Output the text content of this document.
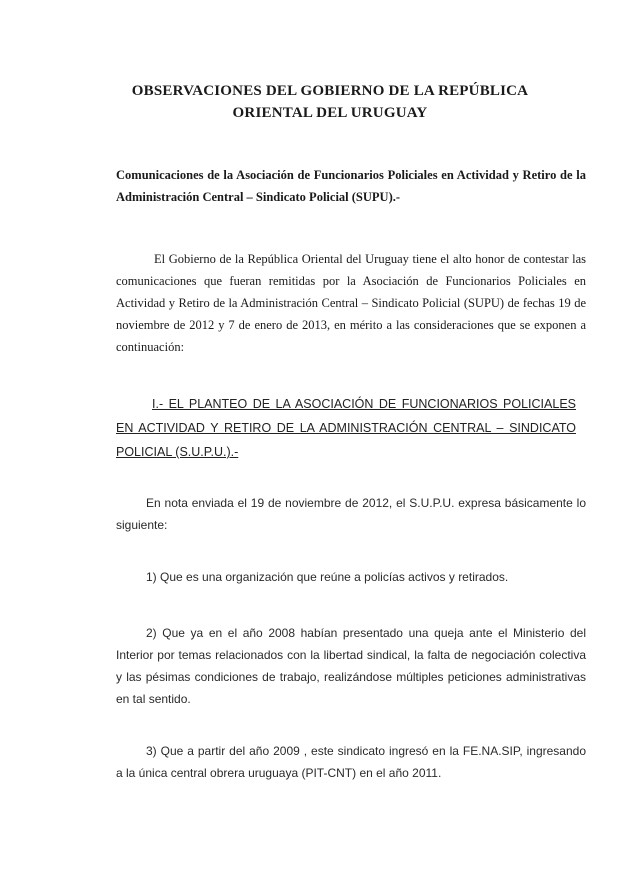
OBSERVACIONES DEL GOBIERNO DE LA REPÚBLICA
ORIENTAL DEL URUGUAY
Comunicaciones de la Asociación de Funcionarios Policiales en Actividad y Retiro de la Administración Central – Sindicato Policial (SUPU).-

El Gobierno de la República Oriental del Uruguay tiene el alto honor de contestar las comunicaciones que fueran remitidas por la Asociación de Funcionarios Policiales en Actividad y Retiro de la Administración Central – Sindicato Policial (SUPU) de fechas 19 de noviembre de 2012 y 7 de enero de 2013, en mérito a las consideraciones que se exponen a continuación:

I.- EL PLANTEO DE LA ASOCIACIÓN DE FUNCIONARIOS POLICIALES EN ACTIVIDAD Y RETIRO DE LA ADMINISTRACIÓN CENTRAL – SINDICATO POLICIAL (S.U.P.U.).-

En nota enviada el 19 de noviembre de 2012, el S.U.P.U. expresa básicamente lo siguiente:

1) Que es una organización que reúne a policías activos y retirados.

2) Que ya en el año 2008 habían presentado una queja ante el Ministerio del Interior por temas relacionados con la libertad sindical, la falta de negociación colectiva y las pésimas condiciones de trabajo, realizándose múltiples peticiones administrativas en tal sentido.

3) Que a partir del año 2009 , este sindicato ingresó en la FE.NA.SIP, ingresando a la única central obrera uruguaya (PIT-CNT) en el año 2011.
